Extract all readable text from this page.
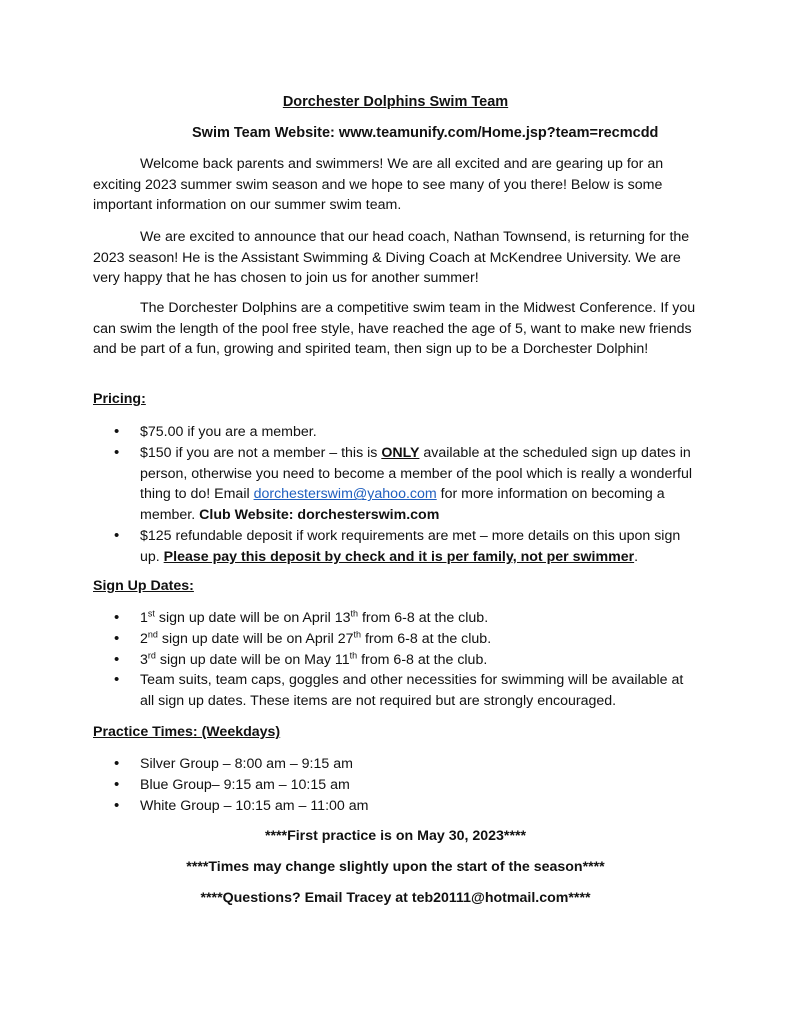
Dorchester Dolphins Swim Team
Swim Team Website: www.teamunify.com/Home.jsp?team=recmcdd
Welcome back parents and swimmers! We are all excited and are gearing up for an exciting 2023 summer swim season and we hope to see many of you there! Below is some important information on our summer swim team.
We are excited to announce that our head coach, Nathan Townsend, is returning for the 2023 season! He is the Assistant Swimming & Diving Coach at McKendree University. We are very happy that he has chosen to join us for another summer!
The Dorchester Dolphins are a competitive swim team in the Midwest Conference. If you can swim the length of the pool free style, have reached the age of 5, want to make new friends and be part of a fun, growing and spirited team, then sign up to be a Dorchester Dolphin!
Pricing:
• $75.00 if you are a member.
• $150 if you are not a member – this is ONLY available at the scheduled sign up dates in person, otherwise you need to become a member of the pool which is really a wonderful thing to do! Email dorchesterswim@yahoo.com for more information on becoming a member. Club Website: dorchesterswim.com
• $125 refundable deposit if work requirements are met – more details on this upon sign up. Please pay this deposit by check and it is per family, not per swimmer.
Sign Up Dates:
• 1st sign up date will be on April 13th from 6-8 at the club.
• 2nd sign up date will be on April 27th from 6-8 at the club.
• 3rd sign up date will be on May 11th from 6-8 at the club.
• Team suits, team caps, goggles and other necessities for swimming will be available at all sign up dates. These items are not required but are strongly encouraged.
Practice Times: (Weekdays)
• Silver Group – 8:00 am – 9:15 am
• Blue Group– 9:15 am – 10:15 am
• White Group – 10:15 am – 11:00 am
****First practice is on May 30, 2023****
****Times may change slightly upon the start of the season****
****Questions? Email Tracey at teb20111@hotmail.com****
